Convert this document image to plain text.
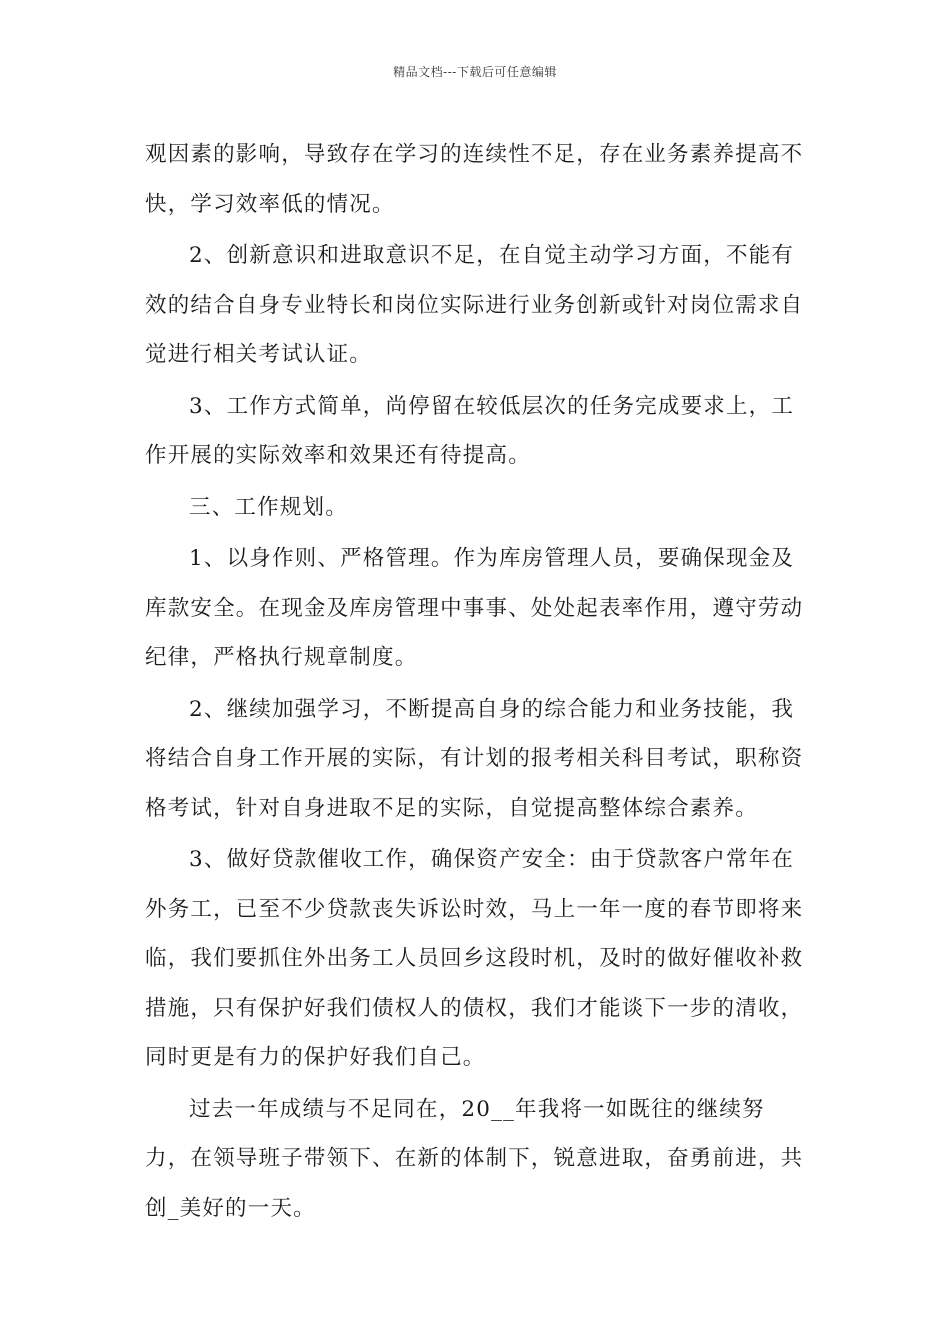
精品文档---下载后可任意编辑

观因素的影响，导致存在学习的连续性不足，存在业务素养提高不快，学习效率低的情况。

2、创新意识和进取意识不足，在自觉主动学习方面，不能有效的结合自身专业特长和岗位实际进行业务创新或针对岗位需求自觉进行相关考试认证。

3、工作方式简单，尚停留在较低层次的任务完成要求上，工作开展的实际效率和效果还有待提高。

三、工作规划。

1、以身作则、严格管理。作为库房管理人员，要确保现金及库款安全。在现金及库房管理中事事、处处起表率作用，遵守劳动纪律，严格执行规章制度。

2、继续加强学习，不断提高自身的综合能力和业务技能，我将结合自身工作开展的实际，有计划的报考相关科目考试，职称资格考试，针对自身进取不足的实际，自觉提高整体综合素养。

3、做好贷款催收工作，确保资产安全：由于贷款客户常年在外务工，已至不少贷款丧失诉讼时效，马上一年一度的春节即将来临，我们要抓住外出务工人员回乡这段时机，及时的做好催收补救措施，只有保护好我们债权人的债权，我们才能谈下一步的清收，同时更是有力的保护好我们自己。

过去一年成绩与不足同在，20__年我将一如既往的继续努力，在领导班子带领下、在新的体制下，锐意进取，奋勇前进，共创_美好的一天。
